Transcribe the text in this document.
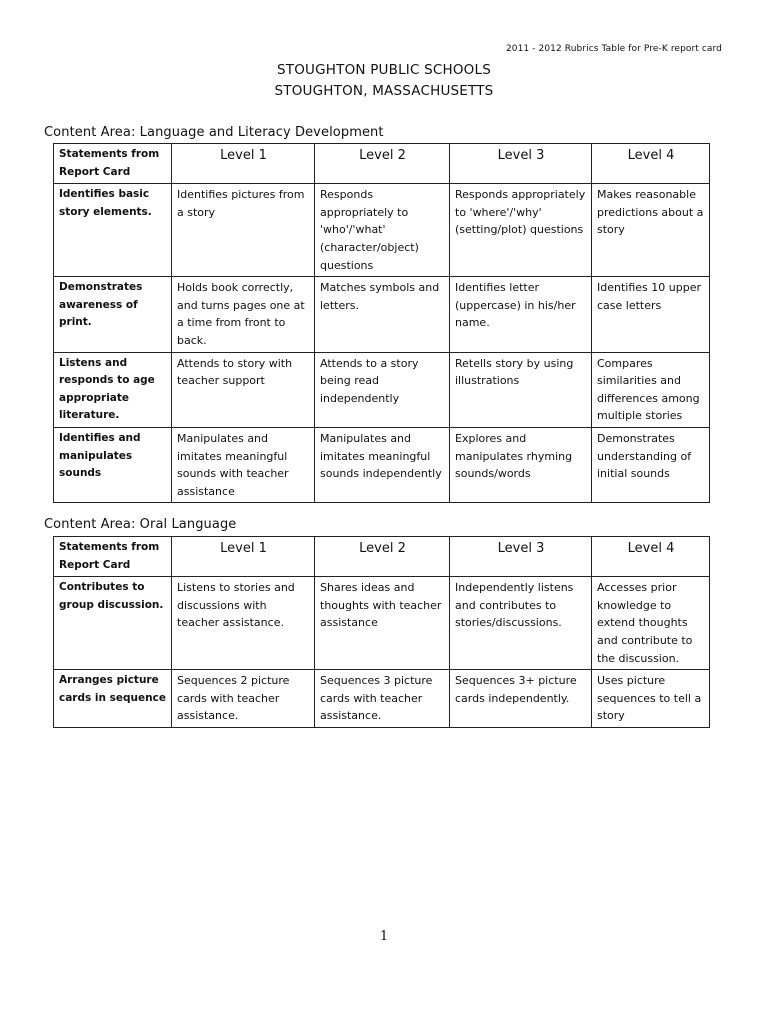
2011 - 2012 Rubrics Table for Pre-K report card
STOUGHTON PUBLIC SCHOOLS
STOUGHTON, MASSACHUSETTS
Content Area: Language and Literacy Development
Statements from Report Card	Level 1	Level 2	Level 3	Level 4
Identifies basic story elements.	Identifies pictures from a story	Responds appropriately to 'who'/'what' (character/object) questions	Responds appropriately to 'where'/'why' (setting/plot) questions	Makes reasonable predictions about a story
Demonstrates awareness of print.	Holds book correctly, and turns pages one at a time from front to back.	Matches symbols and letters.	Identifies letter (uppercase) in his/her name.	Identifies 10 upper case letters
Listens and responds to age appropriate literature.	Attends to story with teacher support	Attends to a story being read independently	Retells story by using illustrations	Compares similarities and differences among multiple stories
Identifies and manipulates sounds	Manipulates and imitates meaningful sounds with teacher assistance	Manipulates and imitates meaningful sounds independently	Explores and manipulates rhyming sounds/words	Demonstrates understanding of initial sounds
Content Area: Oral Language
Statements from Report Card	Level 1	Level 2	Level 3	Level 4
Contributes to group discussion.	Listens to stories and discussions with teacher assistance.	Shares ideas and thoughts with teacher assistance	Independently listens and contributes to stories/discussions.	Accesses prior knowledge to extend thoughts and contribute to the discussion.
Arranges picture cards in sequence	Sequences 2 picture cards with teacher assistance.	Sequences 3 picture cards with teacher assistance.	Sequences 3+ picture cards independently.	Uses picture sequences to tell a story
1
